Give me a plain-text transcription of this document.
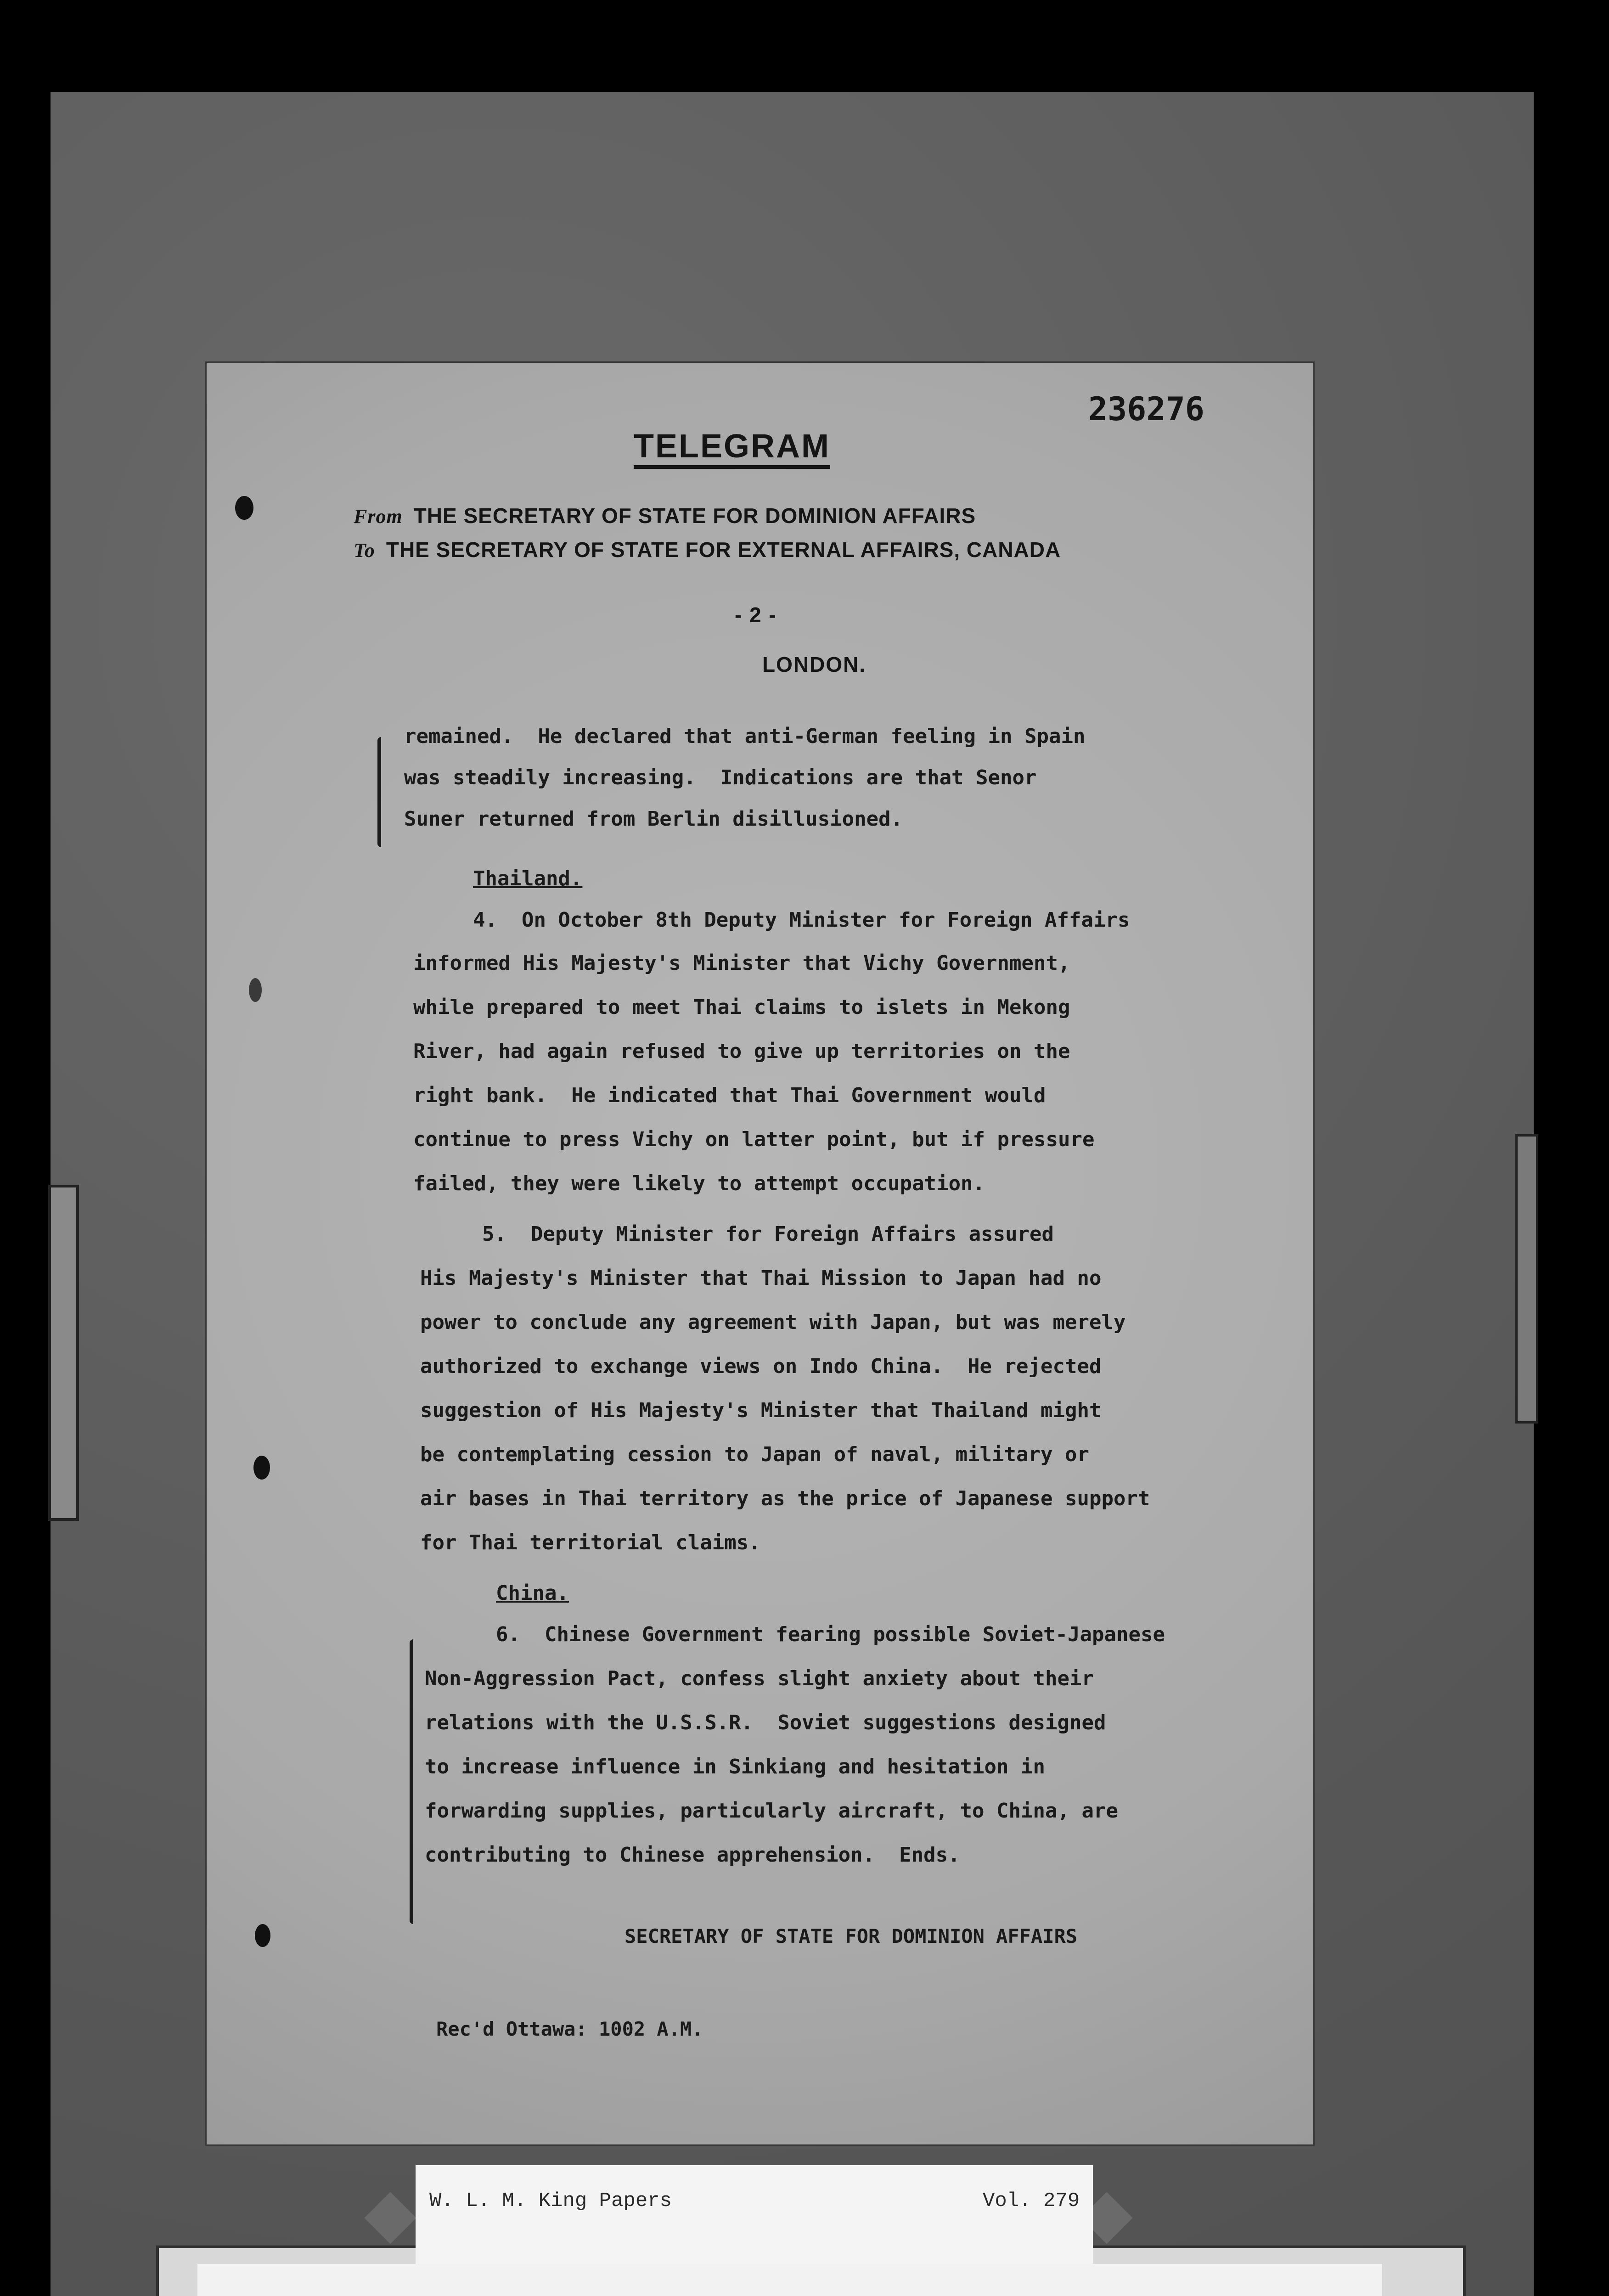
236276
TELEGRAM
From THE SECRETARY OF STATE FOR DOMINION AFFAIRS
To THE SECRETARY OF STATE FOR EXTERNAL AFFAIRS, CANADA
- 2 -
LONDON.
remained.  He declared that anti-German feeling in Spain
was steadily increasing.  Indications are that Senor
Suner returned from Berlin disillusioned.
Thailand.
4.  On October 8th Deputy Minister for Foreign Affairs
informed His Majesty's Minister that Vichy Government,
while prepared to meet Thai claims to islets in Mekong
River, had again refused to give up territories on the
right bank.  He indicated that Thai Government would
continue to press Vichy on latter point, but if pressure
failed, they were likely to attempt occupation.
5.  Deputy Minister for Foreign Affairs assured
His Majesty's Minister that Thai Mission to Japan had no
power to conclude any agreement with Japan, but was merely
authorized to exchange views on Indo China.  He rejected
suggestion of His Majesty's Minister that Thailand might
be contemplating cession to Japan of naval, military or
air bases in Thai territory as the price of Japanese support
for Thai territorial claims.
China.
6.  Chinese Government fearing possible Soviet-Japanese
Non-Aggression Pact, confess slight anxiety about their
relations with the U.S.S.R.  Soviet suggestions designed
to increase influence in Sinkiang and hesitation in
forwarding supplies, particularly aircraft, to China, are
contributing to Chinese apprehension.  Ends.
SECRETARY OF STATE FOR DOMINION AFFAIRS
Rec'd Ottawa: 1002 A.M.
W. L. M. King Papers	Vol. 279
